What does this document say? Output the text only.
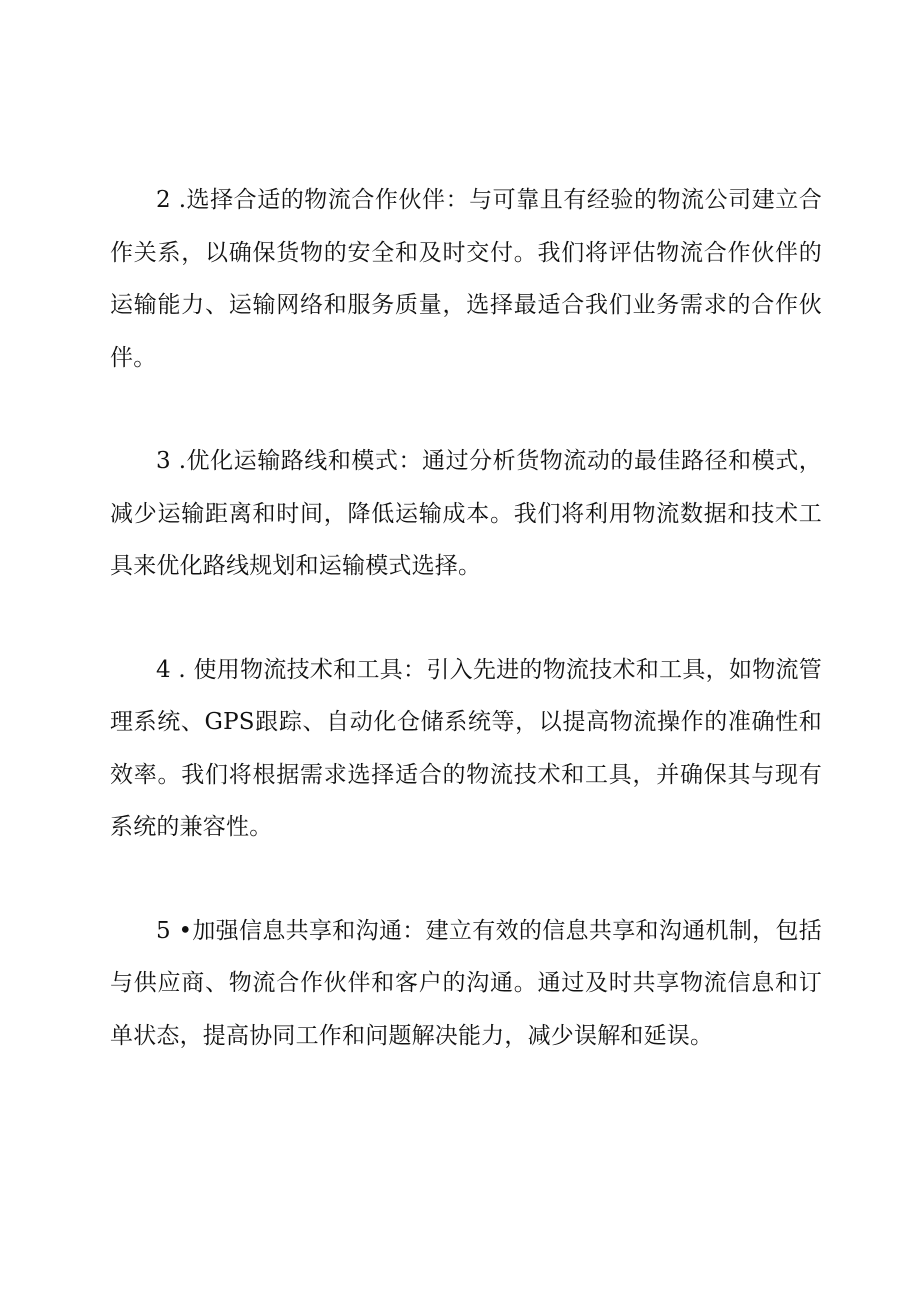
2 .选择合适的物流合作伙伴：与可靠且有经验的物流公司建立合作关系，以确保货物的安全和及时交付。我们将评估物流合作伙伴的运输能力、运输网络和服务质量，选择最适合我们业务需求的合作伙伴。

3 .优化运输路线和模式：通过分析货物流动的最佳路径和模式，减少运输距离和时间，降低运输成本。我们将利用物流数据和技术工具来优化路线规划和运输模式选择。

4 . 使用物流技术和工具：引入先进的物流技术和工具，如物流管理系统、GPS跟踪、自动化仓储系统等，以提高物流操作的准确性和效率。我们将根据需求选择适合的物流技术和工具，并确保其与现有系统的兼容性。

5 •加强信息共享和沟通：建立有效的信息共享和沟通机制，包括与供应商、物流合作伙伴和客户的沟通。通过及时共享物流信息和订单状态，提高协同工作和问题解决能力，减少误解和延误。
